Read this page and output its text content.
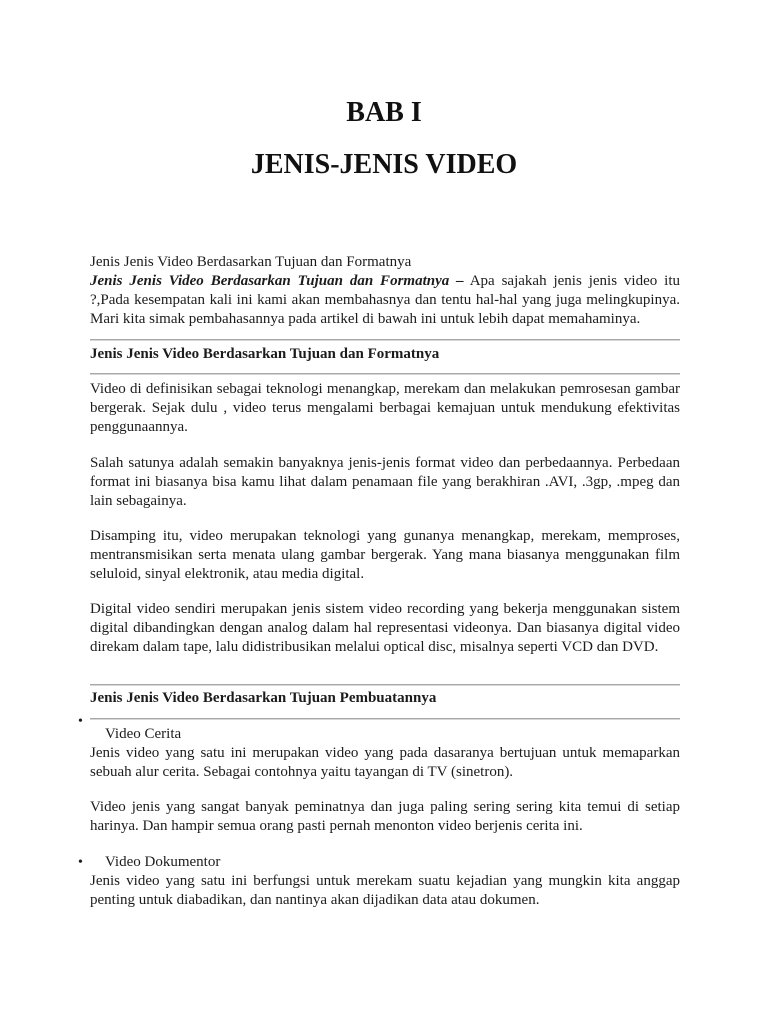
BAB I
JENIS-JENIS VIDEO
Jenis Jenis Video Berdasarkan Tujuan dan Formatnya

Jenis Jenis Video Berdasarkan Tujuan dan Formatnya – Apa sajakah jenis jenis video itu ?,Pada kesempatan kali ini kami akan membahasnya dan tentu hal-hal yang juga melingkupinya. Mari kita simak pembahasannya pada artikel di bawah ini untuk lebih dapat memahaminya.

Jenis Jenis Video Berdasarkan Tujuan dan Formatnya

Video di definisikan sebagai teknologi menangkap, merekam dan melakukan pemrosesan gambar bergerak. Sejak dulu , video terus mengalami berbagai kemajuan untuk mendukung efektivitas penggunaannya.

Salah satunya adalah semakin banyaknya jenis-jenis format video dan perbedaannya. Perbedaan format ini biasanya bisa kamu lihat dalam penamaan file yang berakhiran .AVI, .3gp, .mpeg dan lain sebagainya.

Disamping itu, video merupakan teknologi yang gunanya menangkap, merekam, memproses, mentransmisikan serta menata ulang gambar bergerak. Yang mana biasanya menggunakan film seluloid, sinyal elektronik, atau media digital.

Digital video sendiri merupakan jenis sistem video recording yang bekerja menggunakan sistem digital dibandingkan dengan analog dalam hal representasi videonya. Dan biasanya digital video direkam dalam tape, lalu didistribusikan melalui optical disc, misalnya seperti VCD dan DVD.

Jenis Jenis Video Berdasarkan Tujuan Pembuatannya
•
Video Cerita

Jenis video yang satu ini merupakan video yang pada dasaranya bertujuan untuk memaparkan sebuah alur cerita. Sebagai contohnya yaitu tayangan di TV (sinetron).

Video jenis yang sangat banyak peminatnya dan juga paling sering sering kita temui di setiap harinya. Dan hampir semua orang pasti pernah menonton video berjenis cerita ini.

• Video Dokumentor

Jenis video yang satu ini berfungsi untuk merekam suatu kejadian yang mungkin kita anggap penting untuk diabadikan, dan nantinya akan dijadikan data atau dokumen.
